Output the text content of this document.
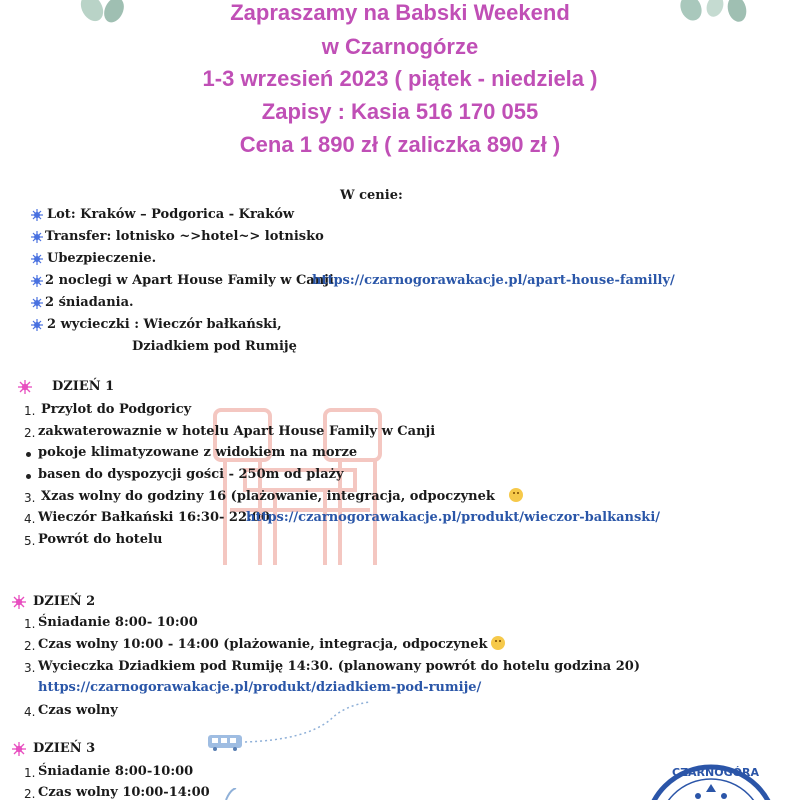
Zapraszamy na Babski Weekend
w Czarnogórze
1-3 wrzesień 2023 ( piątek - niedziela )
Zapisy : Kasia 516 170 055
Cena 1 890 zł ( zaliczka 890 zł )
W cenie:
Lot: Kraków – Podgorica - Kraków
Transfer: lotnisko ~>hotel~> lotnisko
Ubezpieczenie.
2 noclegi w Apart House Family w Canji:
https://czarnogorawakacje.pl/apart-house-familly/
2 śniadania.
2 wycieczki : Wieczór bałkański,
Dziadkiem pod Rumiję
DZIEŃ 1
1. Przylot do Podgoricy
2. zakwaterowaznie w hotelu Apart House Family w Canji
pokoje klimatyzowane z widokiem na morze
basen do dyspozycji gości - 250m od plaży
3. Xzas wolny do godziny 16 (plażowanie, integracja, odpoczynek
4. Wieczór Bałkański 16:30- 22:00
https://czarnogorawakacje.pl/produkt/wieczor-balkanski/
5. Powrót do hotelu
DZIEŃ 2
1. Śniadanie 8:00- 10:00
2. Czas wolny 10:00 - 14:00 (plażowanie, integracja, odpoczynek
3. Wycieczka Dziadkiem pod Rumiję 14:30. (planowany powrót do hotelu godzina 20)
https://czarnogorawakacje.pl/produkt/dziadkiem-pod-rumije/
4. Czas wolny
DZIEŃ 3
1. Śniadanie 8:00-10:00
2. Czas wolny 10:00-14:00
CZARNOGÓRA
